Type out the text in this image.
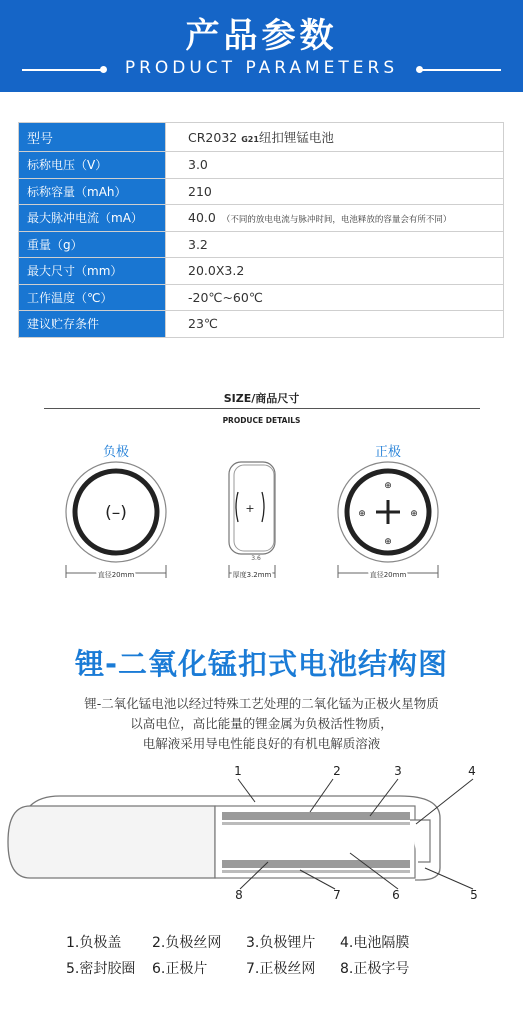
产品参数
PRODUCT PARAMETERS
型号	CR2032 G21纽扣锂锰电池
标称电压（V）	3.0
标称容量（mAh）	210
最大脉冲电流（mA）	40.0 （不同的放电电流与脉冲时间，电池释放的容量会有所不同）
重量（g）	3.2
最大尺寸（mm）	20.0X3.2
工作温度（℃）	-20℃~60℃
建议贮存条件	23℃
SIZE/商品尺寸
PRODUCE DETAILS
负极
(–)
直径20mm
+
3.6
厚度3.2mm
正极
⊕
⊕
⊕	⊕
直径20mm
锂-二氧化锰扣式电池结构图
锂-二氧化锰电池以经过特殊工艺处理的二氧化锰为正极火星物质
以高电位，高比能量的锂金属为负极活性物质，
电解液采用导电性能良好的有机电解质溶液
1	2	3	4
5
6
7
8
1.负极盖 2.负极丝网 3.负极锂片 4.电池隔膜
5.密封胶圈 6.正极片	7.正极丝网 8.正极字号
